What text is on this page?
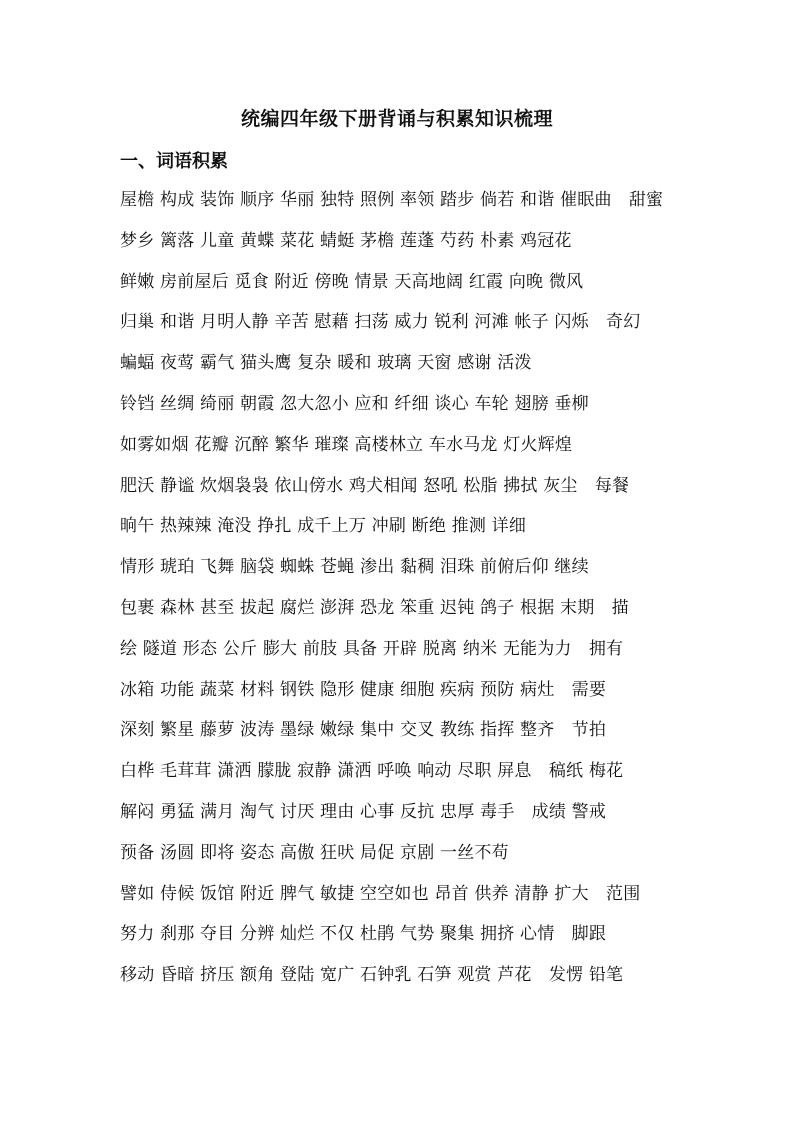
统编四年级下册背诵与积累知识梳理
一、词语积累
屋檐 构成 装饰 顺序 华丽 独特 照例 率领 踏步 倘若 和谐 催眠曲　甜蜜
梦乡 篱落 儿童 黄蝶 菜花 蜻蜓 茅檐 莲蓬 芍药 朴素 鸡冠花
鲜嫩 房前屋后 觅食 附近 傍晚 情景 天高地阔 红霞 向晚 微风
归巢 和谐 月明人静 辛苦 慰藉 扫荡 威力 锐利 河滩 帐子 闪烁　奇幻
蝙蝠 夜莺 霸气 猫头鹰 复杂 暖和 玻璃 天窗 感谢 活泼
铃铛 丝绸 绮丽 朝霞 忽大忽小 应和 纤细 谈心 车轮 翅膀 垂柳
如雾如烟 花瓣 沉醉 繁华 璀璨 高楼林立 车水马龙 灯火辉煌
肥沃 静谧 炊烟袅袅 依山傍水 鸡犬相闻 怒吼 松脂 拂拭 灰尘　每餐
晌午 热辣辣 淹没 挣扎 成千上万 冲刷 断绝 推测 详细
情形 琥珀 飞舞 脑袋 蜘蛛 苍蝇 渗出 黏稠 泪珠 前俯后仰 继续
包裹 森林 甚至 拔起 腐烂 澎湃 恐龙 笨重 迟钝 鸽子 根据 末期　描
绘 隧道 形态 公斤 膨大 前肢 具备 开辟 脱离 纳米 无能为力　拥有
冰箱 功能 蔬菜 材料 钢铁 隐形 健康 细胞 疾病 预防 病灶　需要
深刻 繁星 藤萝 波涛 墨绿 嫩绿 集中 交叉 教练 指挥 整齐　节拍
白桦 毛茸茸 潇洒 朦胧 寂静 潇洒 呼唤 响动 尽职 屏息　稿纸 梅花
解闷 勇猛 满月 淘气 讨厌 理由 心事 反抗 忠厚 毒手　成绩 警戒
预备 汤圆 即将 姿态 高傲 狂吠 局促 京剧 一丝不苟
譬如 侍候 饭馆 附近 脾气 敏捷 空空如也 昂首 供养 清静 扩大　范围
努力 刹那 夺目 分辨 灿烂 不仅 杜鹃 气势 聚集 拥挤 心情　脚跟
移动 昏暗 挤压 额角 登陆 宽广 石钟乳 石笋 观赏 芦花　发愣 铅笔
